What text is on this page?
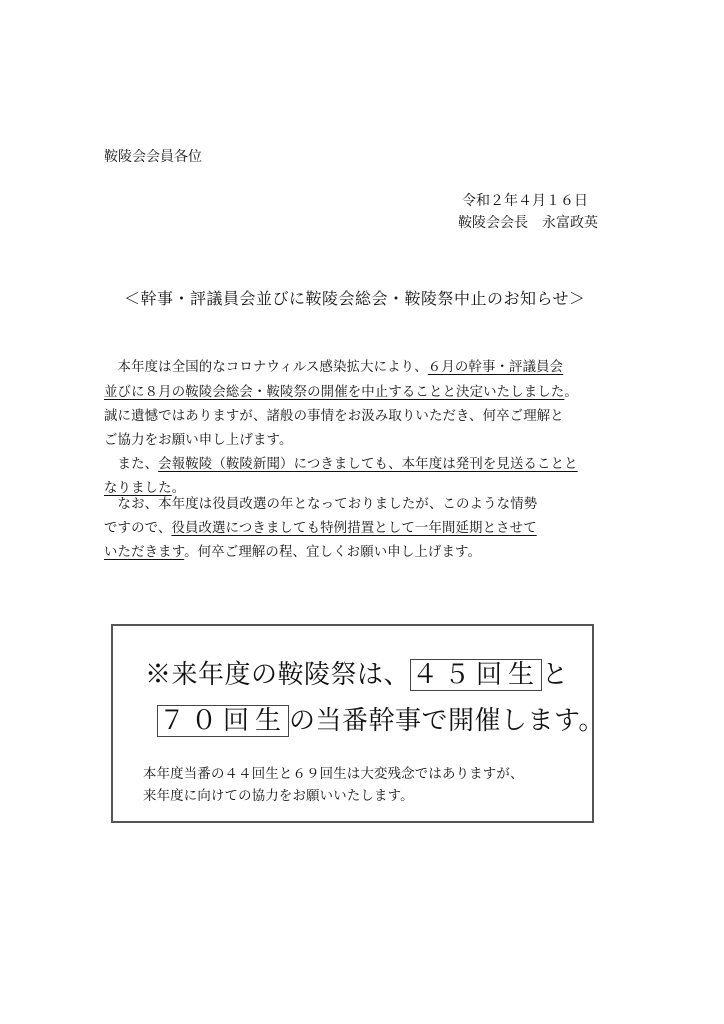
鞍陵会会員各位
令和２年４月１６日
鞍陵会会長　永富政英
＜幹事・評議員会並びに鞍陵会総会・鞍陵祭中止のお知らせ＞
　本年度は全国的なコロナウィルス感染拡大により、６月の幹事・評議員会
並びに８月の鞍陵会総会・鞍陵祭の開催を中止することと決定いたしました。
誠に遺憾ではありますが、諸般の事情をお汲み取りいただき、何卒ご理解と
ご協力をお願い申し上げます。
　また、会報鞍陵（鞍陵新聞）につきましても、本年度は発刊を見送ることと
なりました。
　なお、本年度は役員改選の年となっておりましたが、このような情勢
ですので、役員改選につきましても特例措置として一年間延期とさせて
いただきます。何卒ご理解の程、宜しくお願い申し上げます。
※来年度の鞍陵祭は、４５回生と
７０回生の当番幹事で開催します。
本年度当番の４４回生と６９回生は大変残念ではありますが、
来年度に向けての協力をお願いいたします。
